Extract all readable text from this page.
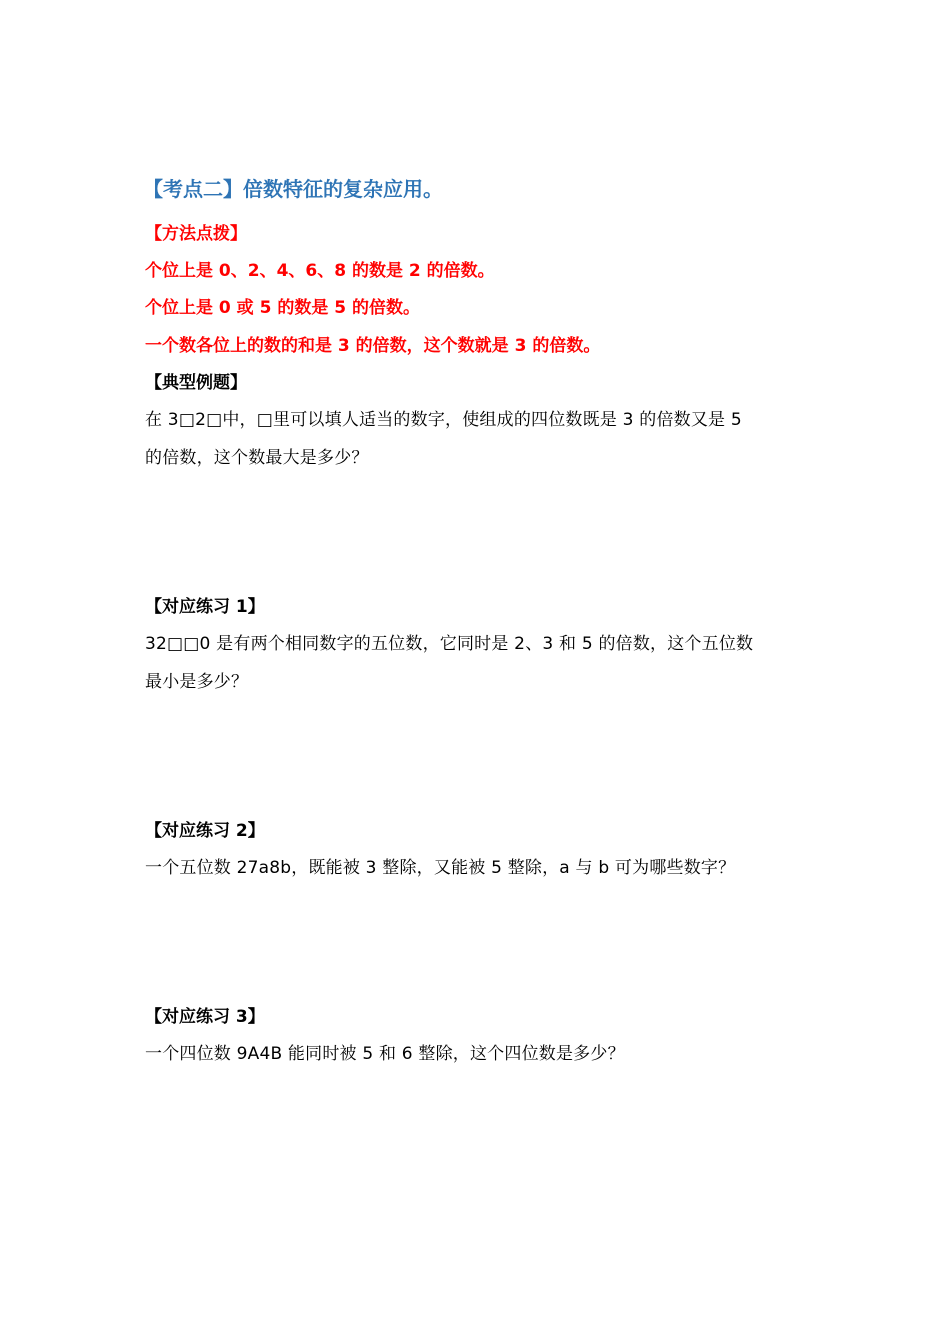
【考点二】倍数特征的复杂应用。
【方法点拨】
个位上是 0、2、4、6、8 的数是 2 的倍数。
个位上是 0 或 5 的数是 5 的倍数。
一个数各位上的数的和是 3 的倍数，这个数就是 3 的倍数。
【典型例题】
在 3□2□中，□里可以填人适当的数字，使组成的四位数既是 3 的倍数又是 5
的倍数，这个数最大是多少？
【对应练习 1】
32□□0 是有两个相同数字的五位数，它同时是 2、3 和 5 的倍数，这个五位数
最小是多少？
【对应练习 2】
一个五位数 27a8b，既能被 3 整除，又能被 5 整除，a 与 b 可为哪些数字？
【对应练习 3】
一个四位数 9A4B 能同时被 5 和 6 整除，这个四位数是多少？
